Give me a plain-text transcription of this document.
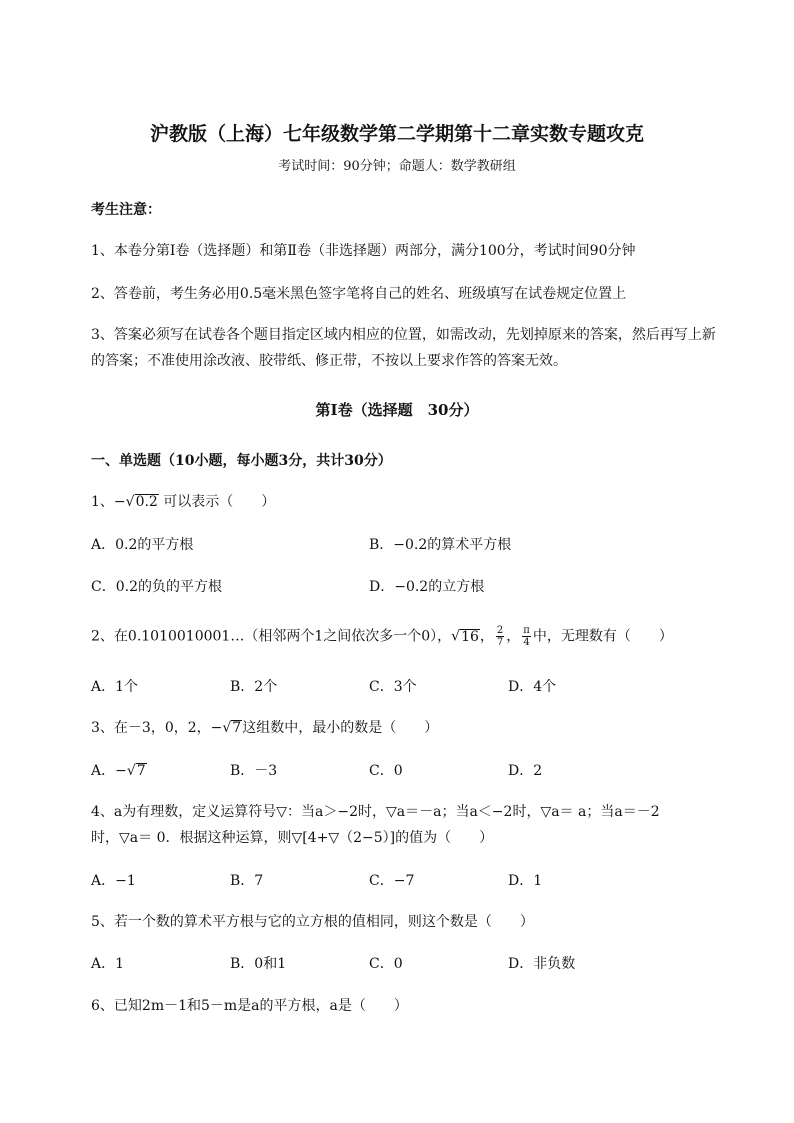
沪教版（上海）七年级数学第二学期第十二章实数专题攻克
考试时间：90分钟；命题人：数学教研组
考生注意：
1、本卷分第I卷（选择题）和第Ⅱ卷（非选择题）两部分，满分100分，考试时间90分钟
2、答卷前，考生务必用0.5毫米黑色签字笔将自己的姓名、班级填写在试卷规定位置上
3、答案必须写在试卷各个题目指定区域内相应的位置，如需改动，先划掉原来的答案，然后再写上新
的答案；不准使用涂改液、胶带纸、修正带，不按以上要求作答的答案无效。
第I卷（选择题　30分）
一、单选题（10小题，每小题3分，共计30分）
1、−√0.2 可以表示（　　）
A．0.2的平方根	B．−0.2的算术平方根
C．0.2的负的平方根	D．−0.2的立方根
2、在0.1010010001…（相邻两个1之间依次多一个0），√16， $\frac{2}{7}$ ， $\frac{\pi}{4}$ 中，无理数有（　　）
A．1个	B．2个	C．3个	D．4个
3、在－3，0，2，−√7这组数中，最小的数是（　　）
A．−√7	B．－3	C．0	D．2
4、a为有理数，定义运算符号▽：当a＞−2时，▽a＝－a；当a＜−2时，▽a＝ a；当a＝－2
时，▽a＝ 0．根据这种运算，则▽[4+▽（2−5）]的值为（　　）
A．−1	B．7	C．−7	D．1
5、若一个数的算术平方根与它的立方根的值相同，则这个数是（　　）
A．1	B．0和1	C．0	D．非负数
6、已知2m－1和5－m是a的平方根，a是（　　）
